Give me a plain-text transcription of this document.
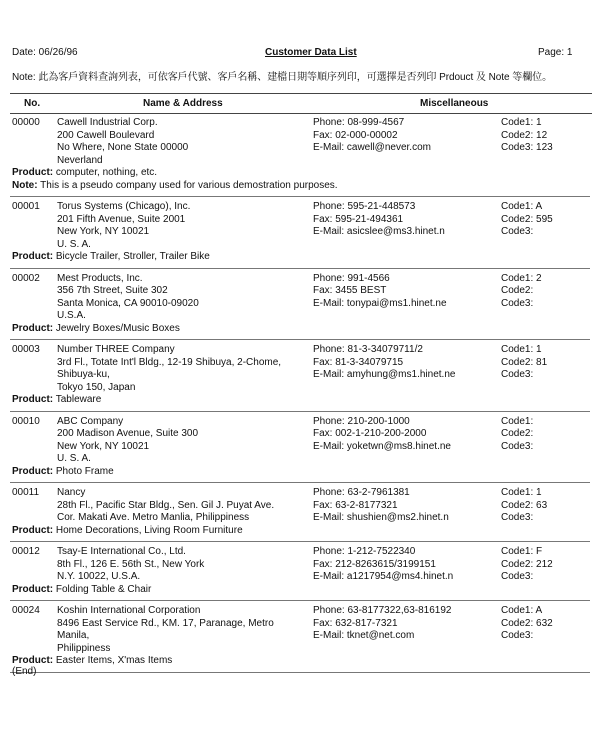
Date: 06/26/96	Customer Data List	Page: 1
Note: 此為客戶資料查詢列表，可依客戶代號、客戶名稱、建檔日期等順序列印，可選擇是否列印 Prdouct 及 Note 等欄位。
No.	Name & Address	Miscellaneous
00000 Cawell Industrial Corp.	Phone: 08-999-4567	Code1: 1
200 Cawell Boulevard	Fax: 02-000-00002	Code2: 12
No Where, None State 00000	E-Mail: cawell@never.com	Code3: 123
Neverland
Product: computer, nothing, etc.
Note: This is a pseudo company used for various demostration purposes.
00001 Torus Systems (Chicago), Inc.	Phone: 595-21-448573	Code1: A
201 Fifth Avenue, Suite 2001	Fax: 595-21-494361	Code2: 595
New York, NY 10021	E-Mail: asicslee@ms3.hinet.n	Code3:
U. S. A.
Product: Bicycle Trailer, Stroller, Trailer Bike
00002 Mest Products, Inc.	Phone: 991-4566	Code1: 2
356 7th Street, Suite 302	Fax: 3455 BEST	Code2:
Santa Monica, CA 90010-09020	E-Mail: tonypai@ms1.hinet.ne	Code3:
U.S.A.
Product: Jewelry Boxes/Music Boxes
00003 Number THREE Company	Phone: 81-3-34079711/2	Code1: 1
3rd Fl., Totate Int'l Bldg., 12-19 Shibuya, 2-Chome,	Fax: 81-3-34079715	Code2: 81
Shibuya-ku,	E-Mail: amyhung@ms1.hinet.ne	Code3:
Tokyo 150, Japan
Product: Tableware
00010 ABC Company	Phone: 210-200-1000	Code1:
200 Madison Avenue, Suite 300	Fax: 002-1-210-200-2000	Code2:
New York, NY 10021	E-Mail: yoketwn@ms8.hinet.ne	Code3:
U. S. A.
Product: Photo Frame
00011 Nancy	Phone: 63-2-7961381	Code1: 1
28th Fl., Pacific Star Bldg., Sen. Gil J. Puyat Ave.	Fax: 63-2-8177321	Code2: 63
Cor. Makati Ave. Metro Manlia, Philippiness	E-Mail: shushien@ms2.hinet.n	Code3:
Product: Home Decorations, Living Room Furniture
00012 Tsay-E International Co., Ltd.	Phone: 1-212-7522340	Code1: F
8th Fl., 126 E. 56th St., New York	Fax: 212-8263615/3199151	Code2: 212
N.Y. 10022, U.S.A.	E-Mail: a1217954@ms4.hinet.n	Code3:
Product: Folding Table & Chair
00024 Koshin International Corporation	Phone: 63-8177322,63-816192	Code1: A
8496 East Service Rd., KM. 17, Paranage, Metro	Fax: 632-817-7321	Code2: 632
Manila,	E-Mail: tknet@net.com	Code3:
Philippiness
Product: Easter Items, X'mas Items
(End)
